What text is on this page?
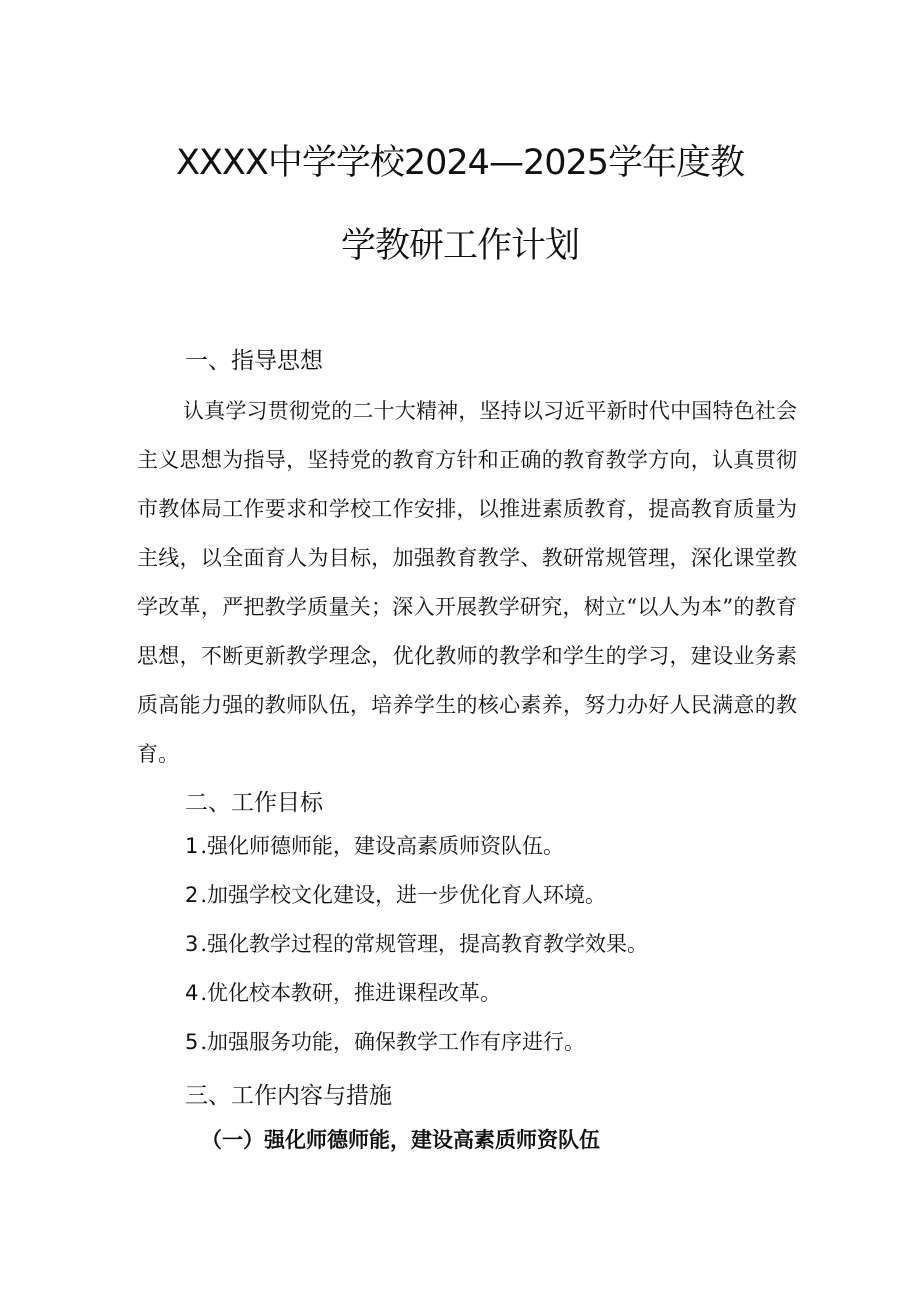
XXXX中学学校2024—2025学年度教
学教研工作计划
一、指导思想

认真学习贯彻党的二十大精神，坚持以习近平新时代中国特色社会主义思想为指导，坚持党的教育方针和正确的教育教学方向，认真贯彻市教体局工作要求和学校工作安排，以推进素质教育，提高教育质量为主线，以全面育人为目标，加强教育教学、教研常规管理，深化课堂教学改革，严把教学质量关；深入开展教学研究，树立“以人为本”的教育思想，不断更新教学理念，优化教师的教学和学生的学习，建设业务素质高能力强的教师队伍，培养学生的核心素养，努力办好人民满意的教育。

二、工作目标
1.强化师德师能，建设高素质师资队伍。
2.加强学校文化建设，进一步优化育人环境。
3.强化教学过程的常规管理，提高教育教学效果。
4.优化校本教研，推进课程改革。
5.加强服务功能，确保教学工作有序进行。
三、工作内容与措施
（一）强化师德师能，建设高素质师资队伍
